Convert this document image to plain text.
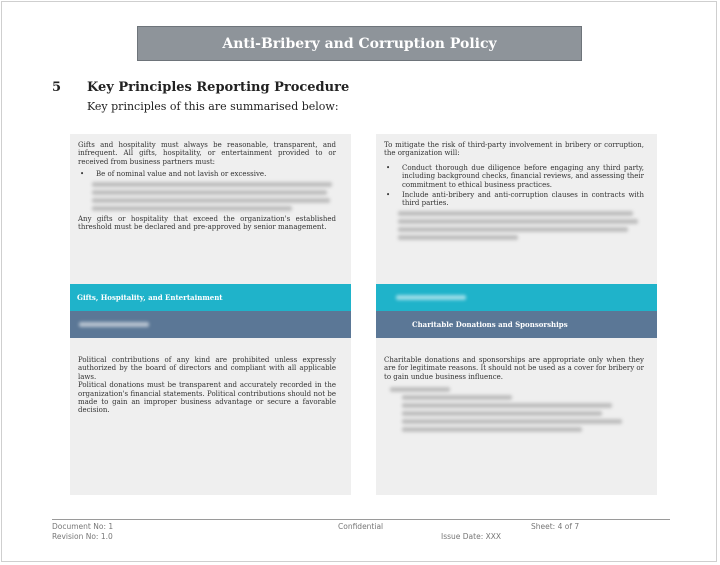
Anti-Bribery and Corruption Policy
5 Key Principles Reporting Procedure
Key principles of this are summarised below:

Gifts and hospitality must always be reasonable, transparent, and infrequent. All gifts, hospitality, or entertainment provided to or received from business partners must:

• Be of nominal value and not lavish or excessive.

Any gifts or hospitality that exceed the organization's established threshold must be declared and pre-approved by senior management.

To mitigate the risk of third-party involvement in bribery or corruption, the organization will:

• Conduct thorough due diligence before engaging any third party, including background checks, financial reviews, and assessing their commitment to ethical business practices.
• Include anti-bribery and anti-corruption clauses in contracts with third parties.
Gifts, Hospitality, and Entertainment
Charitable Donations and Sponsorships

Political contributions of any kind are prohibited unless expressly authorized by the board of directors and compliant with all applicable laws.

Political donations must be transparent and accurately recorded in the organization's financial statements. Political contributions should not be made to gain an improper business advantage or secure a favorable decision.

Charitable donations and sponsorships are appropriate only when they are for legitimate reasons. It should not be used as a cover for bribery or to gain undue business influence.

Document No: 1
Revision No: 1.0
Confidential
Issue Date: XXX
Sheet: 4 of 7
